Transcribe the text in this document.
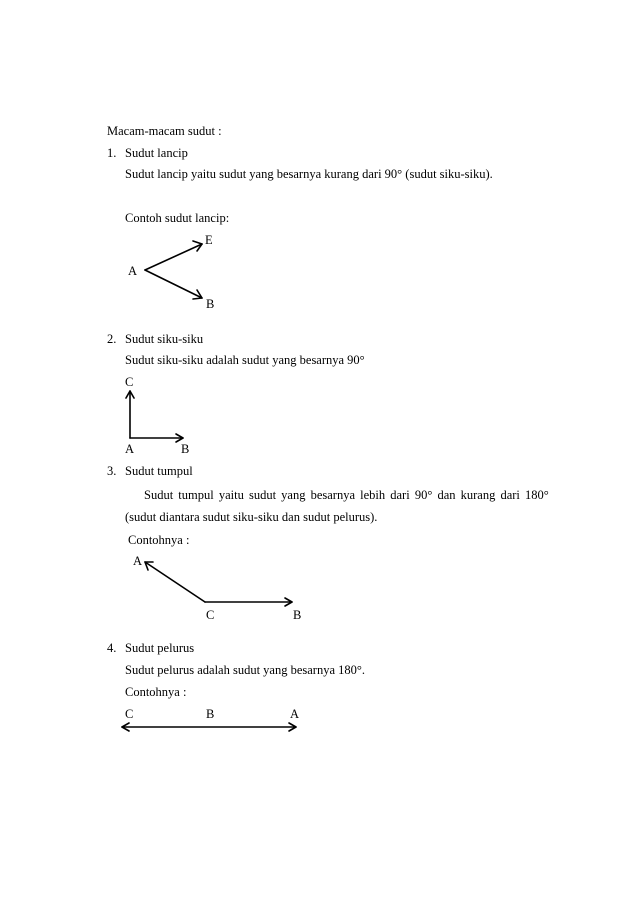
Macam-macam sudut :
1. Sudut lancip
Sudut lancip yaitu sudut yang besarnya kurang dari 90° (sudut siku-siku).
Contoh sudut lancip:
E
A
B
2. Sudut siku-siku
Sudut siku-siku adalah sudut yang besarnya 90°
C
A	B
3. Sudut tumpul
Sudut tumpul yaitu sudut yang besarnya lebih dari 90° dan kurang dari 180°
(sudut diantara sudut siku-siku dan sudut pelurus).
Contohnya :
A
C	B
4. Sudut pelurus
Sudut pelurus adalah sudut yang besarnya 180°.
Contohnya :
C	B	A
